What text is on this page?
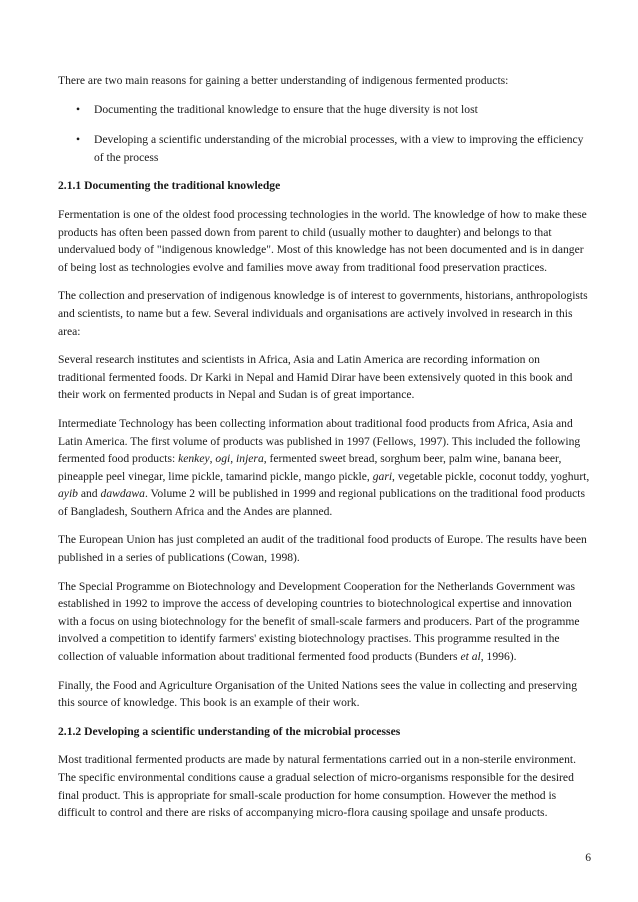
There are two main reasons for gaining a better understanding of indigenous fermented products:

• Documenting the traditional knowledge to ensure that the huge diversity is not lost
• Developing a scientific understanding of the microbial processes, with a view to improving the efficiency of the process
2.1.1 Documenting the traditional knowledge

Fermentation is one of the oldest food processing technologies in the world. The knowledge of how to make these products has often been passed down from parent to child (usually mother to daughter) and belongs to that undervalued body of "indigenous knowledge". Most of this knowledge has not been documented and is in danger of being lost as technologies evolve and families move away from traditional food preservation practices.

The collection and preservation of indigenous knowledge is of interest to governments, historians, anthropologists and scientists, to name but a few. Several individuals and organisations are actively involved in research in this area:

Several research institutes and scientists in Africa, Asia and Latin America are recording information on traditional fermented foods. Dr Karki in Nepal and Hamid Dirar have been extensively quoted in this book and their work on fermented products in Nepal and Sudan is of great importance.

Intermediate Technology has been collecting information about traditional food products from Africa, Asia and Latin America. The first volume of products was published in 1997 (Fellows, 1997). This included the following fermented food products: kenkey, ogi, injera, fermented sweet bread, sorghum beer, palm wine, banana beer, pineapple peel vinegar, lime pickle, tamarind pickle, mango pickle, gari, vegetable pickle, coconut toddy, yoghurt, ayib and dawdawa. Volume 2 will be published in 1999 and regional publications on the traditional food products of Bangladesh, Southern Africa and the Andes are planned.

The European Union has just completed an audit of the traditional food products of Europe. The results have been published in a series of publications (Cowan, 1998).

The Special Programme on Biotechnology and Development Cooperation for the Netherlands Government was established in 1992 to improve the access of developing countries to biotechnological expertise and innovation with a focus on using biotechnology for the benefit of small-scale farmers and producers. Part of the programme involved a competition to identify farmers' existing biotechnology practises. This programme resulted in the collection of valuable information about traditional fermented food products (Bunders et al, 1996).

Finally, the Food and Agriculture Organisation of the United Nations sees the value in collecting and preserving this source of knowledge. This book is an example of their work.

2.1.2 Developing a scientific understanding of the microbial processes

Most traditional fermented products are made by natural fermentations carried out in a non-sterile environment. The specific environmental conditions cause a gradual selection of micro-organisms responsible for the desired final product. This is appropriate for small-scale production for home consumption. However the method is difficult to control and there are risks of accompanying micro-flora causing spoilage and unsafe products.

6
